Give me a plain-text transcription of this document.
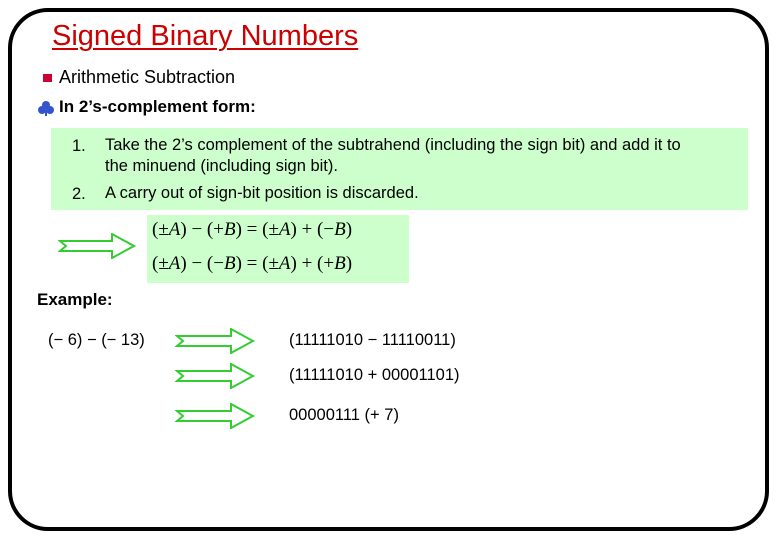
Signed Binary Numbers
Arithmetic Subtraction
In 2’s-complement form:
1. Take the 2’s complement of the subtrahend (including the sign bit) and add it to
the minuend (including sign bit).
2. A carry out of sign-bit position is discarded.
(±A) − (+B) = (±A) + (−B)
(±A) − (−B) = (±A) + (+B)
Example:
(− 6) − (− 13)	(11111010 − 11110011)
(11111010 + 00001101)
00000111 (+ 7)
